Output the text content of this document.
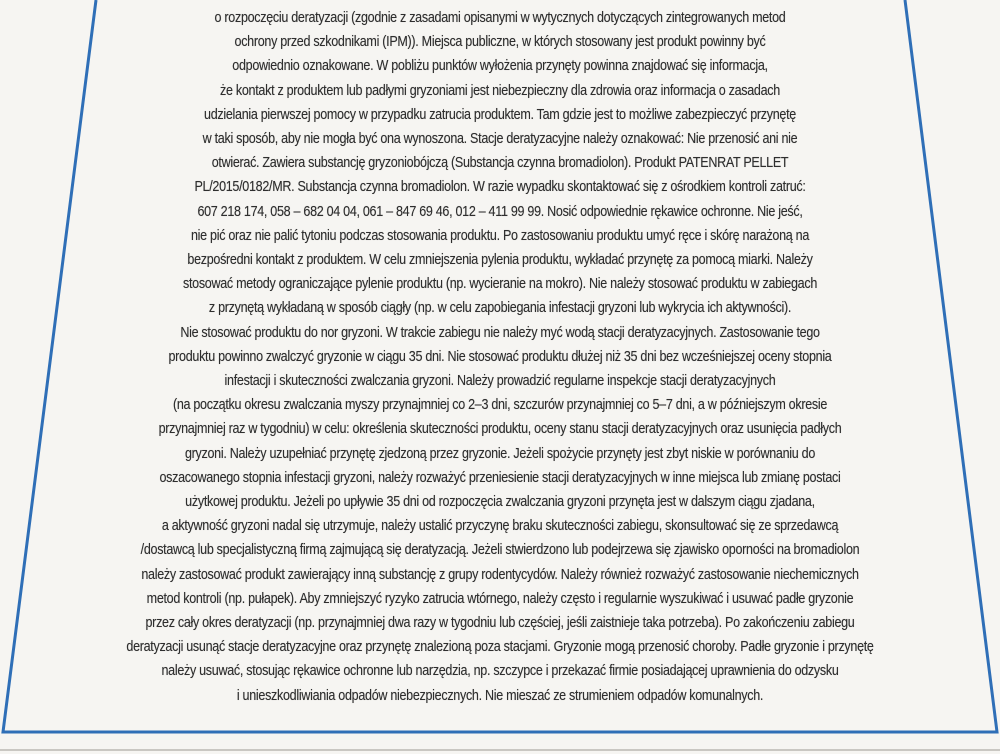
o rozpoczęciu deratyzacji (zgodnie z zasadami opisanymi w wytycznych dotyczących zintegrowanych metod

ochrony przed szkodnikami (IPM)). Miejsca publiczne, w których stosowany jest produkt powinny być

odpowiednio oznakowane. W pobliżu punktów wyłożenia przynęty powinna znajdować się informacja,

że kontakt z produktem lub padłymi gryzoniami jest niebezpieczny dla zdrowia oraz informacja o zasadach

udzielania pierwszej pomocy w przypadku zatrucia produktem. Tam gdzie jest to możliwe zabezpieczyć przynętę

w taki sposób, aby nie mogła być ona wynoszona. Stacje deratyzacyjne należy oznakować: Nie przenosić ani nie

otwierać. Zawiera substancję gryzoniobójczą (Substancja czynna bromadiolon). Produkt PATENRAT PELLET

PL/2015/0182/MR. Substancja czynna bromadiolon. W razie wypadku skontaktować się z ośrodkiem kontroli zatruć:

607 218 174, 058 – 682 04 04, 061 – 847 69 46, 012 – 411 99 99. Nosić odpowiednie rękawice ochronne. Nie jeść,

nie pić oraz nie palić tytoniu podczas stosowania produktu. Po zastosowaniu produktu umyć ręce i skórę narażoną na

bezpośredni kontakt z produktem. W celu zmniejszenia pylenia produktu, wykładać przynętę za pomocą miarki. Należy

stosować metody ograniczające pylenie produktu (np. wycieranie na mokro). Nie należy stosować produktu w zabiegach

z przynętą wykładaną w sposób ciągły (np. w celu zapobiegania infestacji gryzoni lub wykrycia ich aktywności).

Nie stosować produktu do nor gryzoni. W trakcie zabiegu nie należy myć wodą stacji deratyzacyjnych. Zastosowanie tego

produktu powinno zwalczyć gryzonie w ciągu 35 dni. Nie stosować produktu dłużej niż 35 dni bez wcześniejszej oceny stopnia

infestacji i skuteczności zwalczania gryzoni. Należy prowadzić regularne inspekcje stacji deratyzacyjnych

(na początku okresu zwalczania myszy przynajmniej co 2–3 dni, szczurów przynajmniej co 5–7 dni, a w późniejszym okresie

przynajmniej raz w tygodniu) w celu: określenia skuteczności produktu, oceny stanu stacji deratyzacyjnych oraz usunięcia padłych

gryzoni. Należy uzupełniać przynętę zjedzoną przez gryzonie. Jeżeli spożycie przynęty jest zbyt niskie w porównaniu do

oszacowanego stopnia infestacji gryzoni, należy rozważyć przeniesienie stacji deratyzacyjnych w inne miejsca lub zmianę postaci

użytkowej produktu. Jeżeli po upływie 35 dni od rozpoczęcia zwalczania gryzoni przynęta jest w dalszym ciągu zjadana,

a aktywność gryzoni nadal się utrzymuje, należy ustalić przyczynę braku skuteczności zabiegu, skonsultować się ze sprzedawcą

/dostawcą lub specjalistyczną firmą zajmującą się deratyzacją. Jeżeli stwierdzono lub podejrzewa się zjawisko oporności na bromadiolon

należy zastosować produkt zawierający inną substancję z grupy rodentycydów. Należy również rozważyć zastosowanie niechemicznych

metod kontroli (np. pułapek). Aby zmniejszyć ryzyko zatrucia wtórnego, należy często i regularnie wyszukiwać i usuwać padłe gryzonie

przez cały okres deratyzacji (np. przynajmniej dwa razy w tygodniu lub częściej, jeśli zaistnieje taka potrzeba). Po zakończeniu zabiegu

deratyzacji usunąć stacje deratyzacyjne oraz przynętę znalezioną poza stacjami. Gryzonie mogą przenosić choroby. Padłe gryzonie i przynętę

należy usuwać, stosując rękawice ochronne lub narzędzia, np. szczypce i przekazać firmie posiadającej uprawnienia do odzysku

i unieszkodliwiania odpadów niebezpiecznych. Nie mieszać ze strumieniem odpadów komunalnych.
